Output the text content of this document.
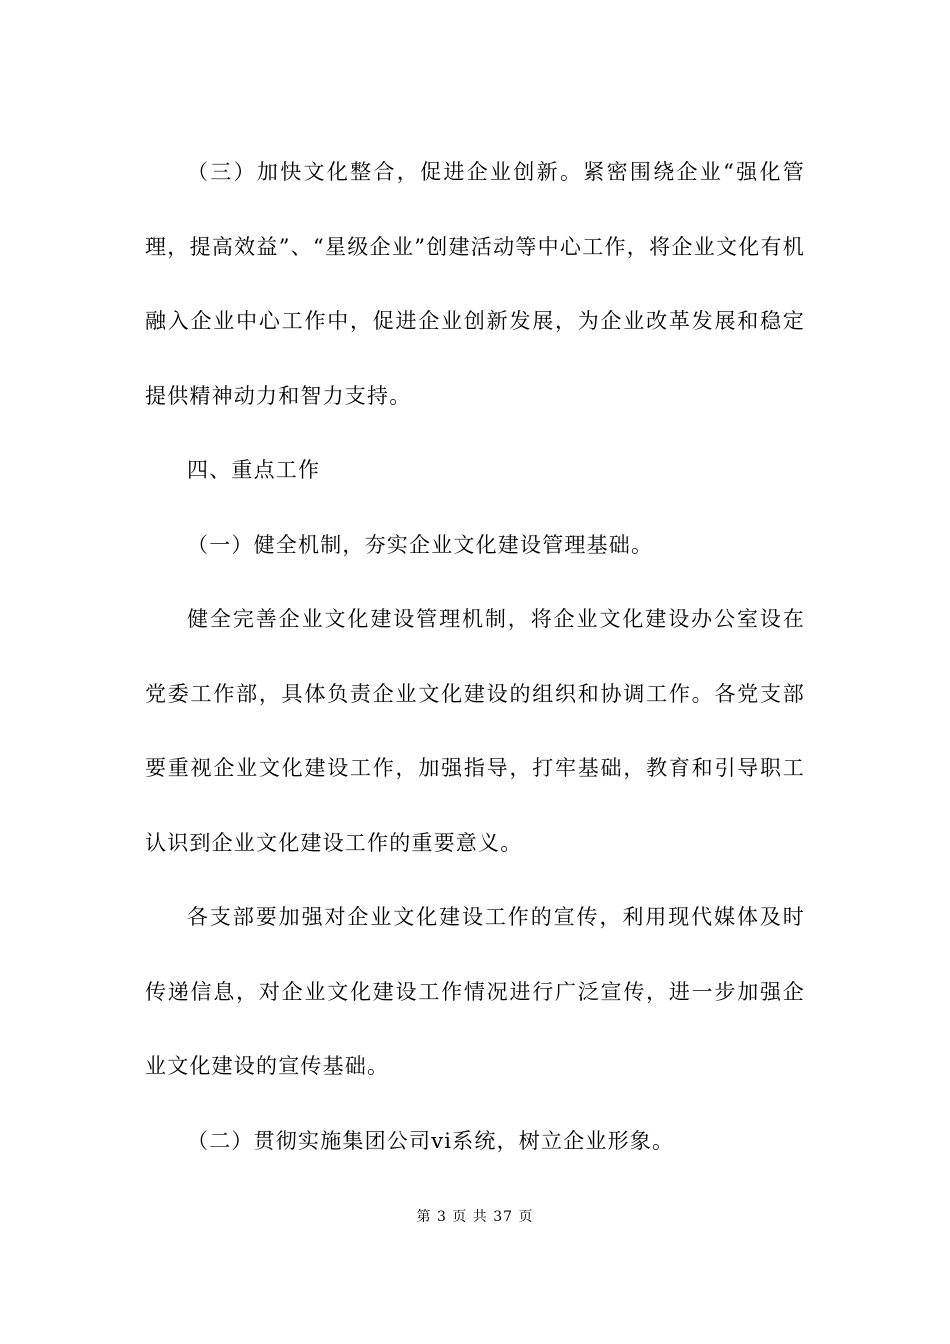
（三）加快文化整合，促进企业创新。紧密围绕企业“强化管理，提高效益”、“星级企业”创建活动等中心工作，将企业文化有机融入企业中心工作中，促进企业创新发展，为企业改革发展和稳定提供精神动力和智力支持。

四、重点工作

（一）健全机制，夯实企业文化建设管理基础。

健全完善企业文化建设管理机制，将企业文化建设办公室设在党委工作部，具体负责企业文化建设的组织和协调工作。各党支部要重视企业文化建设工作，加强指导，打牢基础，教育和引导职工认识到企业文化建设工作的重要意义。

各支部要加强对企业文化建设工作的宣传，利用现代媒体及时传递信息，对企业文化建设工作情况进行广泛宣传，进一步加强企业文化建设的宣传基础。

（二）贯彻实施集团公司vi系统，树立企业形象。

第 3 页 共 37 页
